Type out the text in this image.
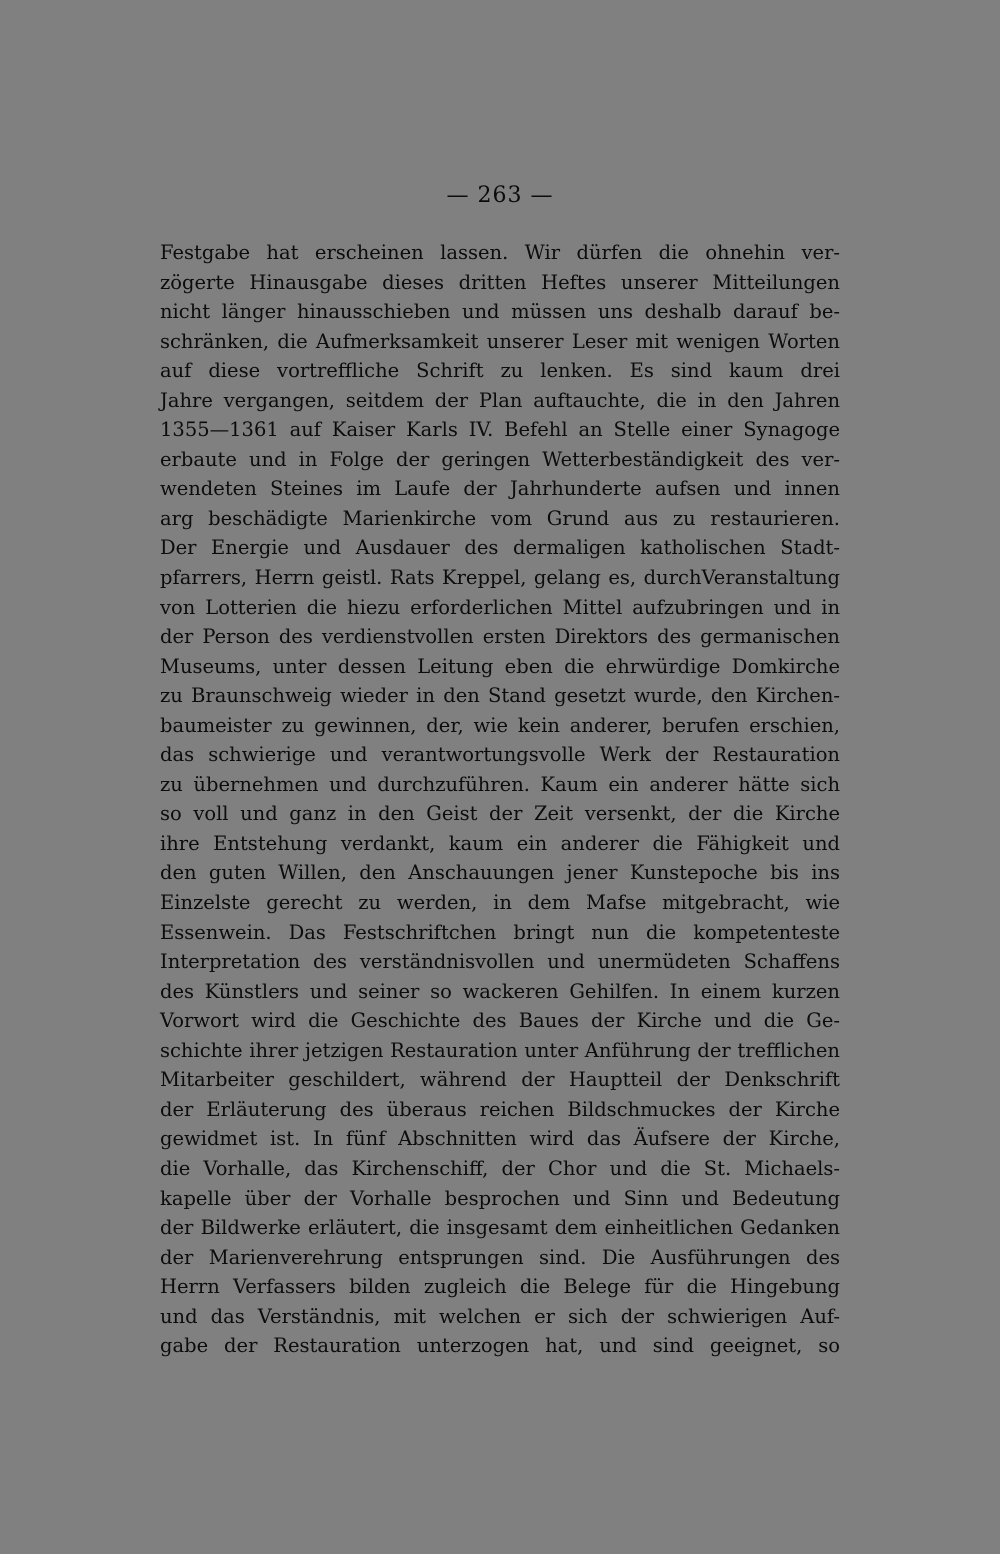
— 263 —
Festgabe hat erscheinen lassen. Wir dürfen die ohnehin ver-
zögerte Hinausgabe dieses dritten Heftes unserer Mitteilungen
nicht länger hinausschieben und müssen uns deshalb darauf be-
schränken, die Aufmerksamkeit unserer Leser mit wenigen Worten
auf diese vortreffliche Schrift zu lenken. Es sind kaum drei
Jahre vergangen, seitdem der Plan auftauchte, die in den Jahren
1355—1361 auf Kaiser Karls IV. Befehl an Stelle einer Synagoge
erbaute und in Folge der geringen Wetterbeständigkeit des ver-
wendeten Steines im Laufe der Jahrhunderte aufsen und innen
arg beschädigte Marienkirche vom Grund aus zu restaurieren.
Der Energie und Ausdauer des dermaligen katholischen Stadt-
pfarrers, Herrn geistl. Rats Kreppel, gelang es, durchVeranstaltung
von Lotterien die hiezu erforderlichen Mittel aufzubringen und in
der Person des verdienstvollen ersten Direktors des germanischen
Museums, unter dessen Leitung eben die ehrwürdige Domkirche
zu Braunschweig wieder in den Stand gesetzt wurde, den Kirchen-
baumeister zu gewinnen, der, wie kein anderer, berufen erschien,
das schwierige und verantwortungsvolle Werk der Restauration
zu übernehmen und durchzuführen. Kaum ein anderer hätte sich
so voll und ganz in den Geist der Zeit versenkt, der die Kirche
ihre Entstehung verdankt, kaum ein anderer die Fähigkeit und
den guten Willen, den Anschauungen jener Kunstepoche bis ins
Einzelste gerecht zu werden, in dem Mafse mitgebracht, wie
Essenwein. Das Festschriftchen bringt nun die kompetenteste
Interpretation des verständnisvollen und unermüdeten Schaffens
des Künstlers und seiner so wackeren Gehilfen. In einem kurzen
Vorwort wird die Geschichte des Baues der Kirche und die Ge-
schichte ihrer jetzigen Restauration unter Anführung der trefflichen
Mitarbeiter geschildert, während der Hauptteil der Denkschrift
der Erläuterung des überaus reichen Bildschmuckes der Kirche
gewidmet ist. In fünf Abschnitten wird das Äufsere der Kirche,
die Vorhalle, das Kirchenschiff, der Chor und die St. Michaels-
kapelle über der Vorhalle besprochen und Sinn und Bedeutung
der Bildwerke erläutert, die insgesamt dem einheitlichen Gedanken
der Marienverehrung entsprungen sind. Die Ausführungen des
Herrn Verfassers bilden zugleich die Belege für die Hingebung
und das Verständnis, mit welchen er sich der schwierigen Auf-
gabe der Restauration unterzogen hat, und sind geeignet, so
